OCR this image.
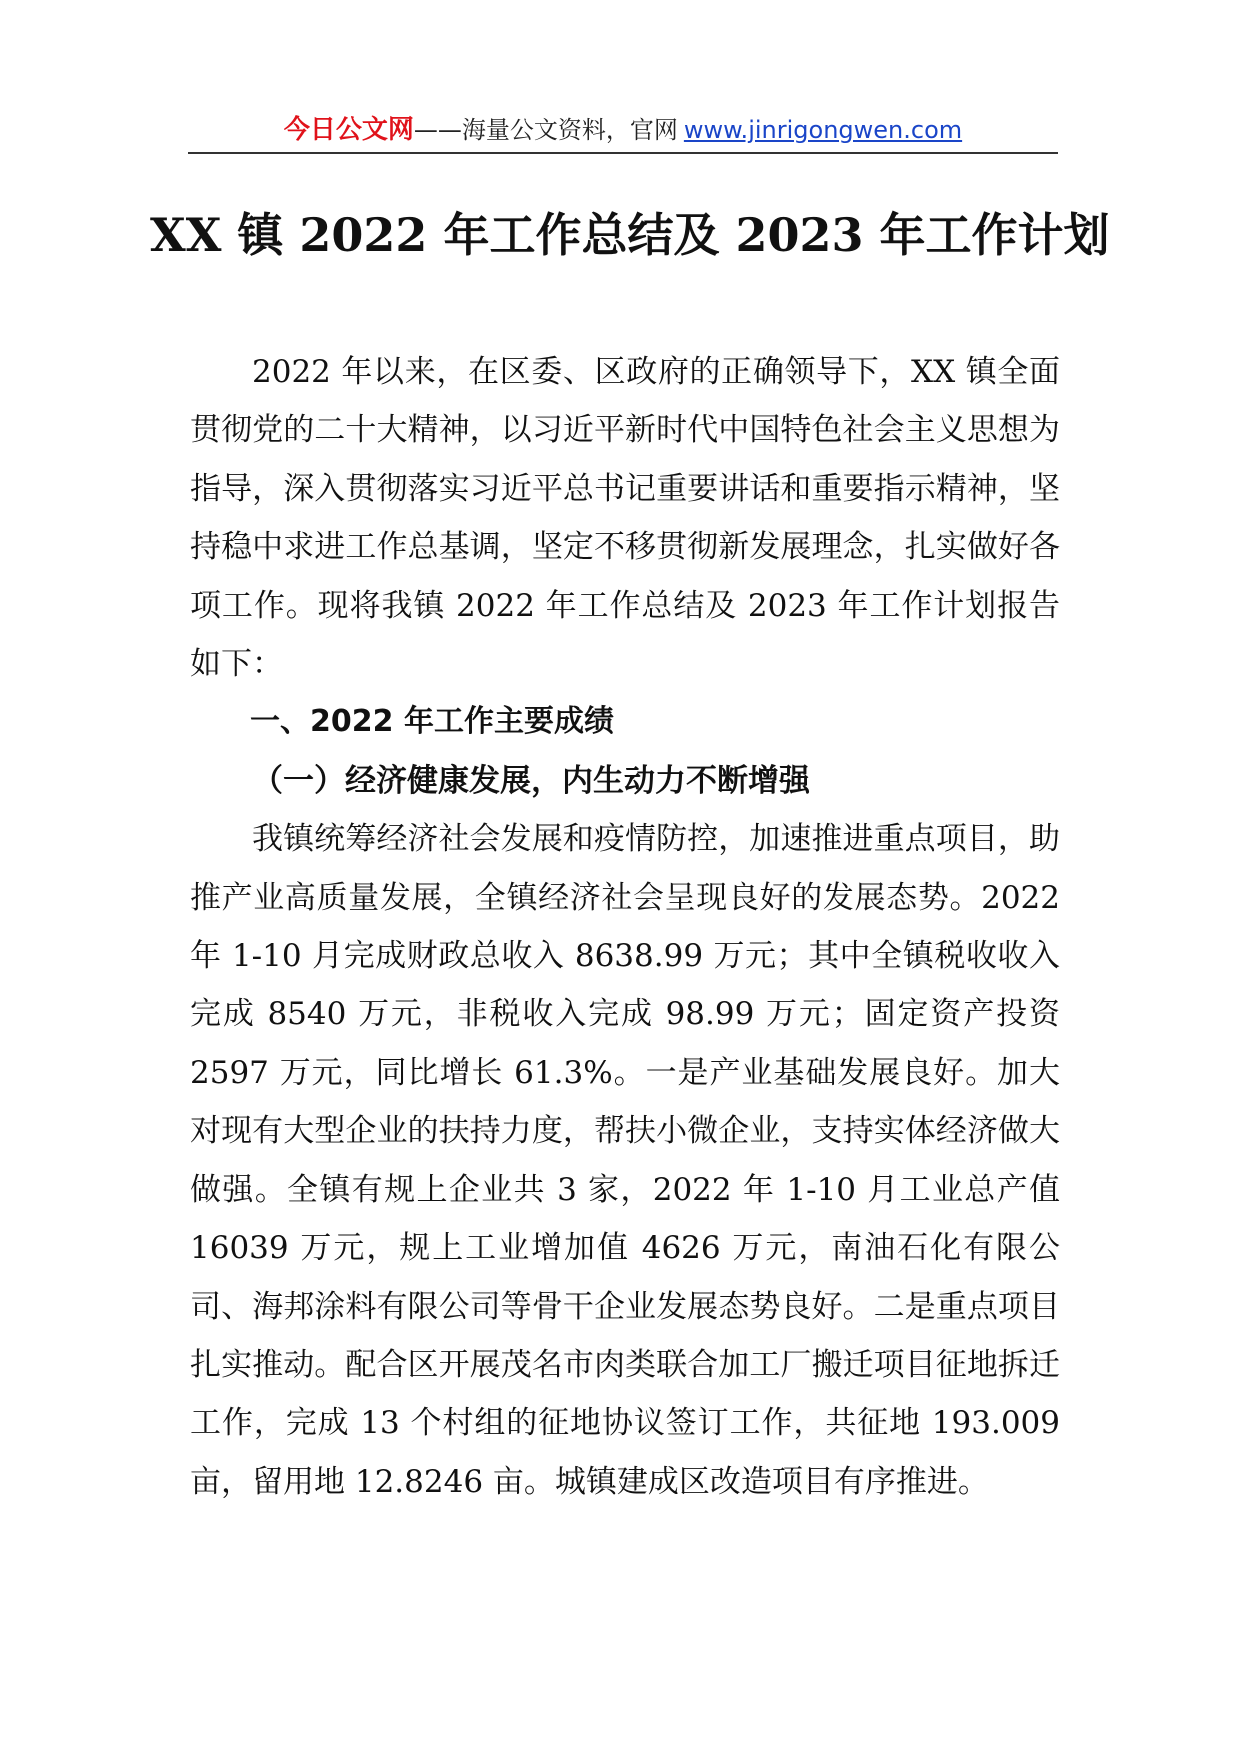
今日公文网 ——海量公文资料，官网 www.jinrigongwen.com
XX 镇 2022 年工作总结及 2023 年工作计划

2022 年以来，在区委、区政府的正确领导下，XX 镇全面贯彻党的二十大精神，以习近平新时代中国特色社会主义思想为指导，深入贯彻落实习近平总书记重要讲话和重要指示精神，坚持稳中求进工作总基调，坚定不移贯彻新发展理念，扎实做好各项工作。现将我镇 2022 年工作总结及 2023 年工作计划报告如下：

一、2022 年工作主要成绩

（一）经济健康发展，内生动力不断增强

我镇统筹经济社会发展和疫情防控，加速推进重点项目，助推产业高质量发展，全镇经济社会呈现良好的发展态势。2022 年 1-10 月完成财政总收入 8638.99 万元；其中全镇税收收入完成 8540 万元，非税收入完成 98.99 万元；固定资产投资 2597 万元，同比增长 61.3%。一是产业基础发展良好。加大对现有大型企业的扶持力度，帮扶小微企业，支持实体经济做大做强。全镇有规上企业共 3 家，2022 年 1-10 月工业总产值 16039 万元，规上工业增加值 4626 万元，南油石化有限公司、海邦涂料有限公司等骨干企业发展态势良好。二是重点项目扎实推动。配合区开展茂名市肉类联合加工厂搬迁项目征地拆迁工作，完成 13 个村组的征地协议签订工作，共征地 193.009 亩，留用地 12.8246 亩。城镇建成区改造项目有序推进。
